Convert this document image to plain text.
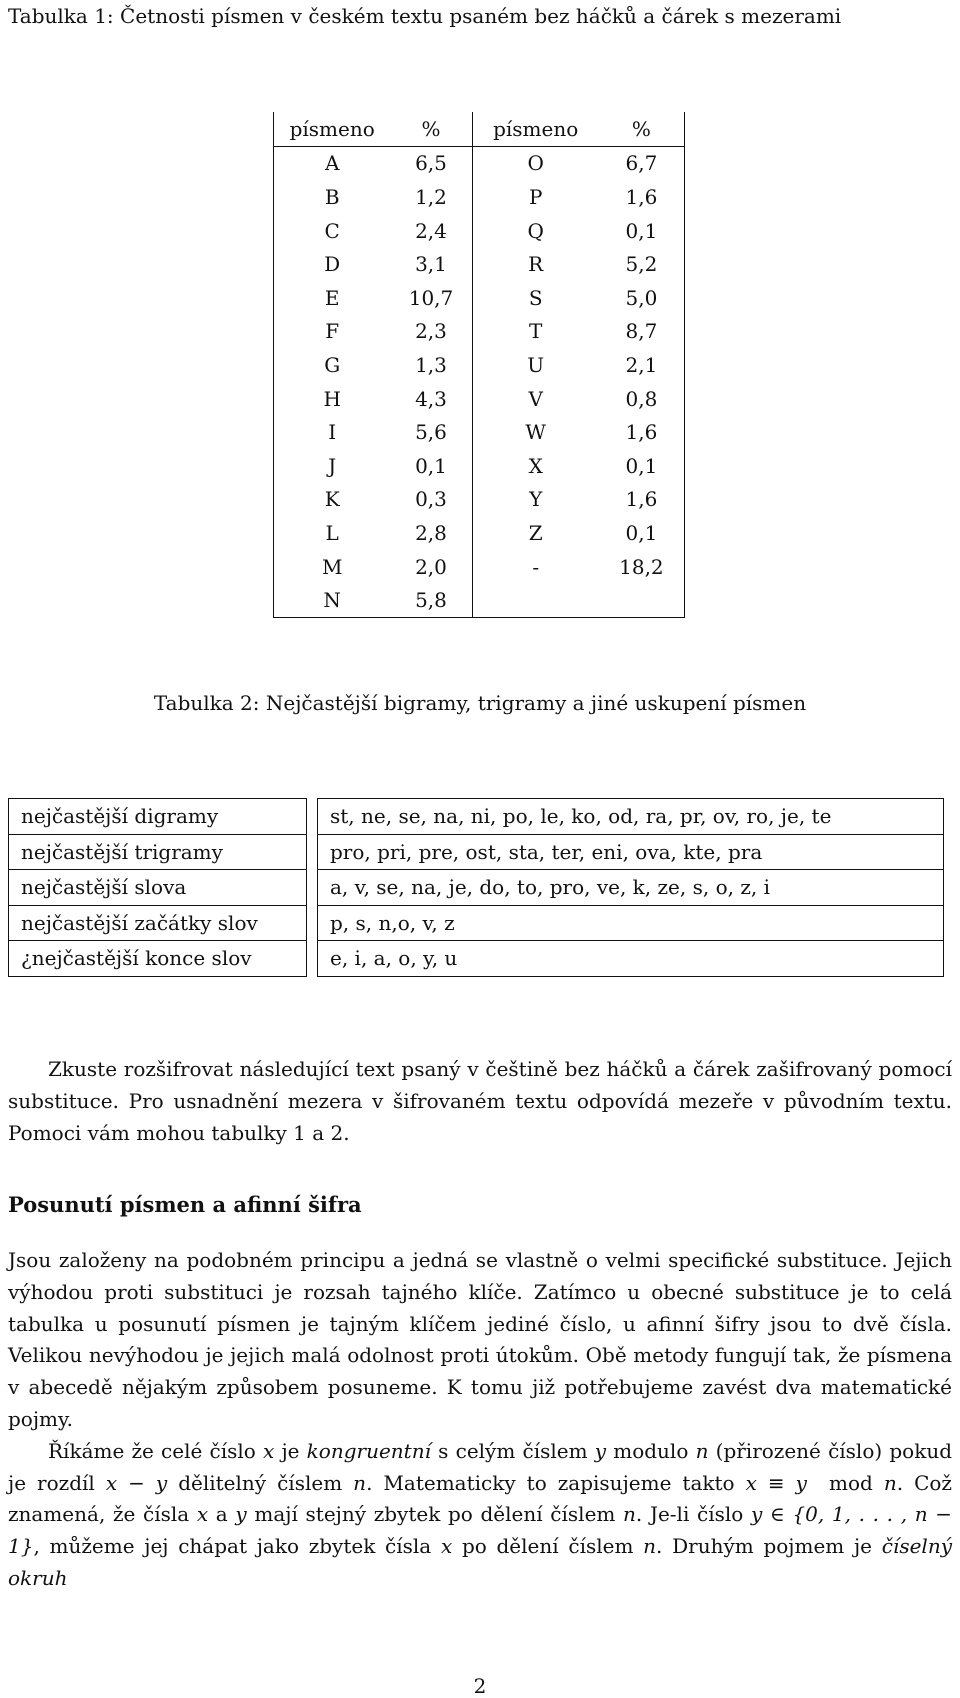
Tabulka 1: Četnosti písmen v českém textu psaném bez háčků a čárek s mezerami
písmeno	%	písmeno	%
A	6,5	O	6,7
B	1,2	P	1,6
C	2,4	Q	0,1
D	3,1	R	5,2
E	10,7	S	5,0
F	2,3	T	8,7
G	1,3	U	2,1
H	4,3	V	0,8
I	5,6	W	1,6
J	0,1	X	0,1
K	0,3	Y	1,6
L	2,8	Z	0,1
M	2,0	-	18,2
N	5,8		
Tabulka 2: Nejčastější bigramy, trigramy a jiné uskupení písmen
nejčastější digramy		st, ne, se, na, ni, po, le, ko, od, ra, pr, ov, ro, je, te
nejčastější trigramy		pro, pri, pre, ost, sta, ter, eni, ova, kte, pra
nejčastější slova		a, v, se, na, je, do, to, pro, ve, k, ze, s, o, z, i
nejčastější začátky slov		p, s, n,o, v, z
¿nejčastější konce slov		e, i, a, o, y, u
Zkuste rozšifrovat následující text psaný v češtině bez háčků a čárek zašifrovaný pomocí substituce. Pro usnadnění mezera v šifrovaném textu odpovídá mezeře v původním textu. Pomoci vám mohou tabulky 1 a 2.
Posunutí písmen a afinní šifra

Jsou založeny na podobném principu a jedná se vlastně o velmi specifické substituce. Jejich výhodou proti substituci je rozsah tajného klíče. Zatímco u obecné substituce je to celá tabulka u posunutí písmen je tajným klíčem jediné číslo, u afinní šifry jsou to dvě čísla. Velikou nevýhodou je jejich malá odolnost proti útokům. Obě metody fungují tak, že písmena v abecedě nějakým způsobem posuneme. K tomu již potřebujeme zavést dva matematické pojmy.

Říkáme že celé číslo x je kongruentní s celým číslem y modulo n (přirozené číslo) pokud je rozdíl x − y dělitelný číslem n. Matematicky to zapisujeme takto x ≡ y  mod n. Což znamená, že čísla x a y mají stejný zbytek po dělení číslem n. Je-li číslo y ∈ {0, 1, . . . , n − 1}, můžeme jej chápat jako zbytek čísla x po dělení číslem n. Druhým pojmem je číselný okruh

2
